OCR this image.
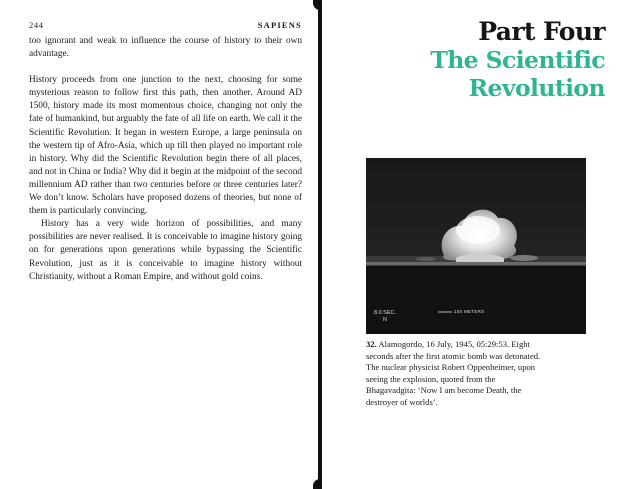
244	SAPIENS

too ignorant and weak to influence the course of history to their own advantage.

History proceeds from one junction to the next, choosing for some mysterious reason to follow first this path, then another. Around AD 1500, history made its most momentous choice, changing not only the fate of humankind, but arguably the fate of all life on earth. We call it the Scientific Revolution. It began in western Europe, a large peninsula on the western tip of Afro-Asia, which up till then played no important role in history. Why did the Scientific Revolution begin there of all places, and not in China or India? Why did it begin at the midpoint of the second millennium AD rather than two centuries before or three centuries later? We don’t know. Scholars have proposed dozens of theories, but none of them is particularly convincing.

History has a very wide horizon of possibilities, and many possibilities are never realised. It is conceivable to imagine history going on for generations upon generations while bypassing the Scientific Revolution, just as it is conceivable to imagine history without Christianity, without a Roman Empire, and without gold coins.

Part Four
The Scientific
Revolution
8.0 SEC.
N
100 METERS
32. Alamogordo, 16 July, 1945, 05:29:53. Eight seconds after the first atomic bomb was detonated. The nuclear physicist Robert Oppenheimer, upon seeing the explosion, quoted from the Bhagavadgita: ‘Now I am become Death, the destroyer of worlds’.
